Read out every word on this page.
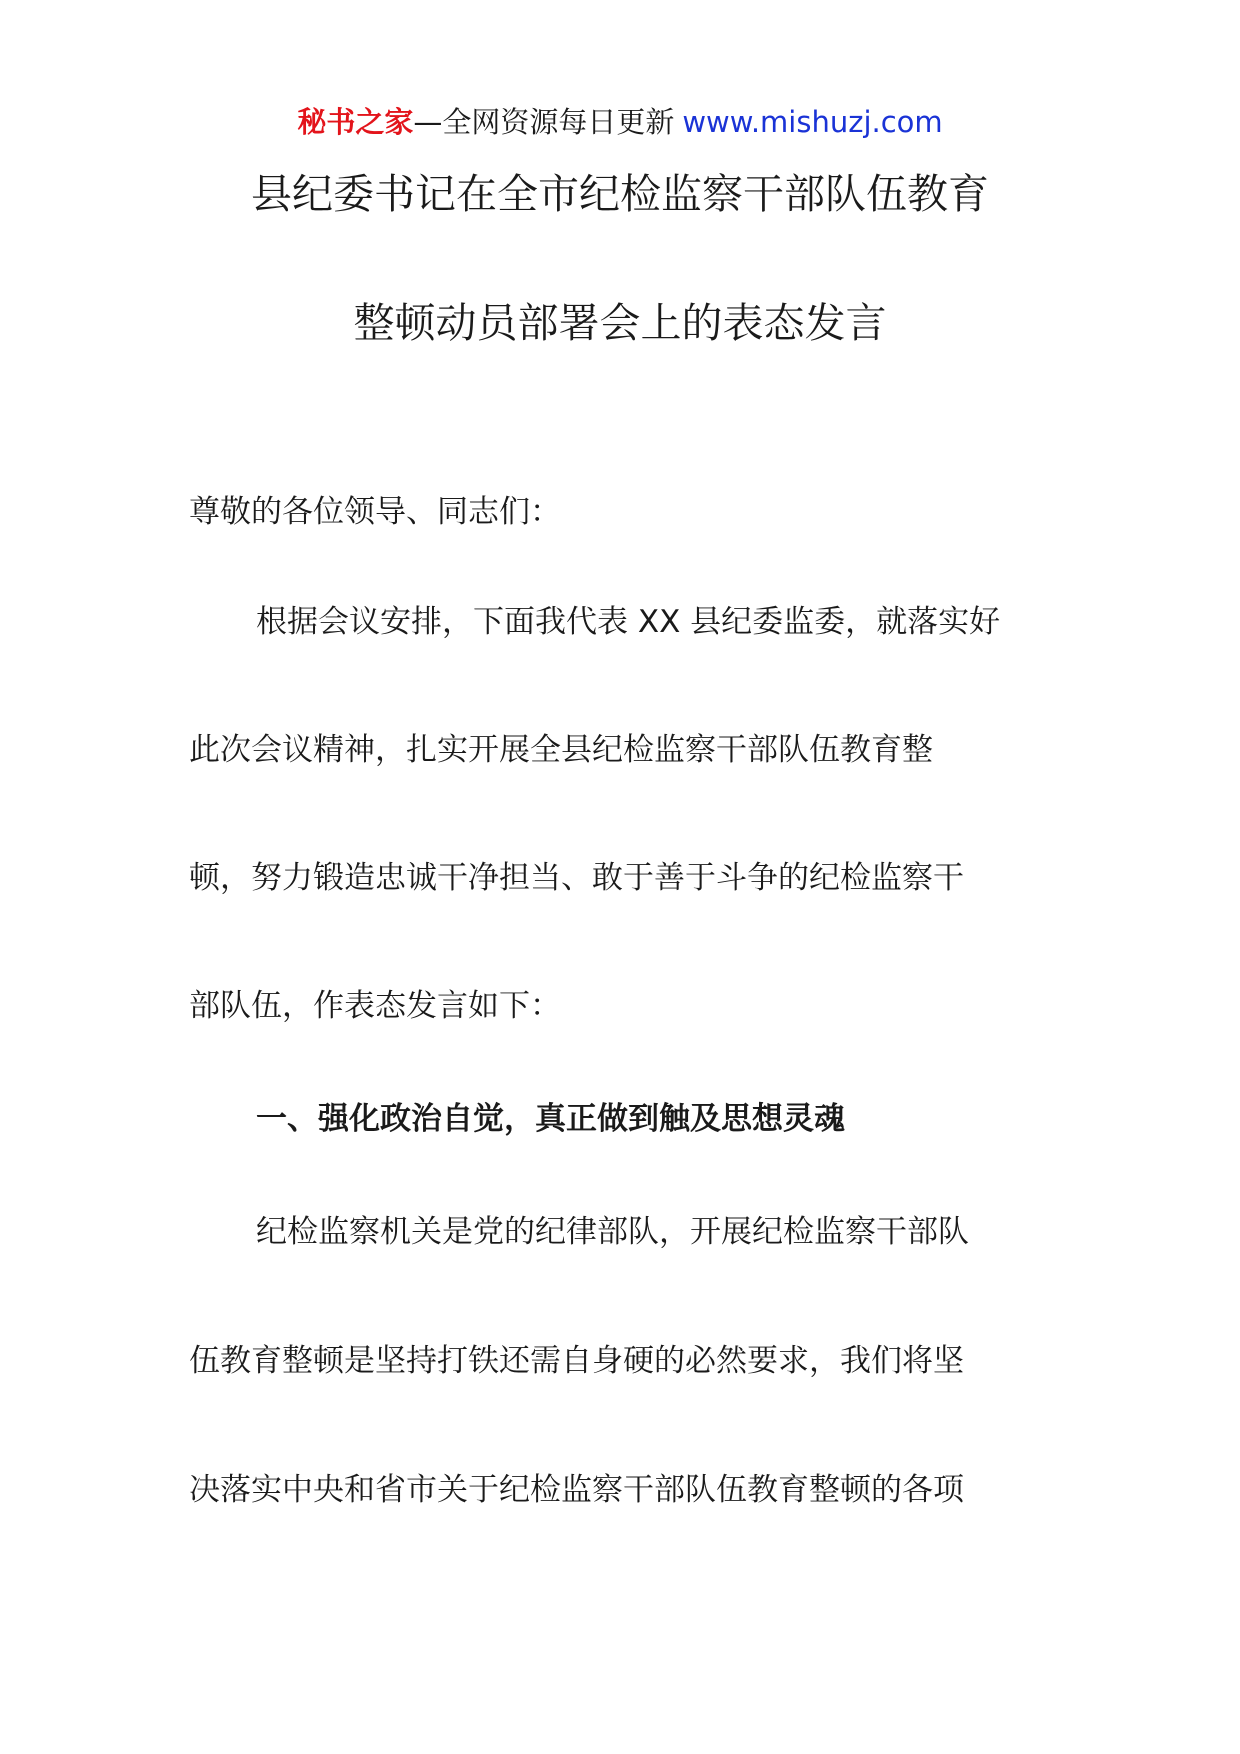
秘书之家—全网资源每日更新 www.mishuzj.com
县纪委书记在全市纪检监察干部队伍教育
整顿动员部署会上的表态发言
尊敬的各位领导、同志们：
根据会议安排，下面我代表 XX 县纪委监委，就落实好
此次会议精神，扎实开展全县纪检监察干部队伍教育整
顿，努力锻造忠诚干净担当、敢于善于斗争的纪检监察干
部队伍，作表态发言如下：
一、强化政治自觉，真正做到触及思想灵魂
纪检监察机关是党的纪律部队，开展纪检监察干部队
伍教育整顿是坚持打铁还需自身硬的必然要求，我们将坚
决落实中央和省市关于纪检监察干部队伍教育整顿的各项
